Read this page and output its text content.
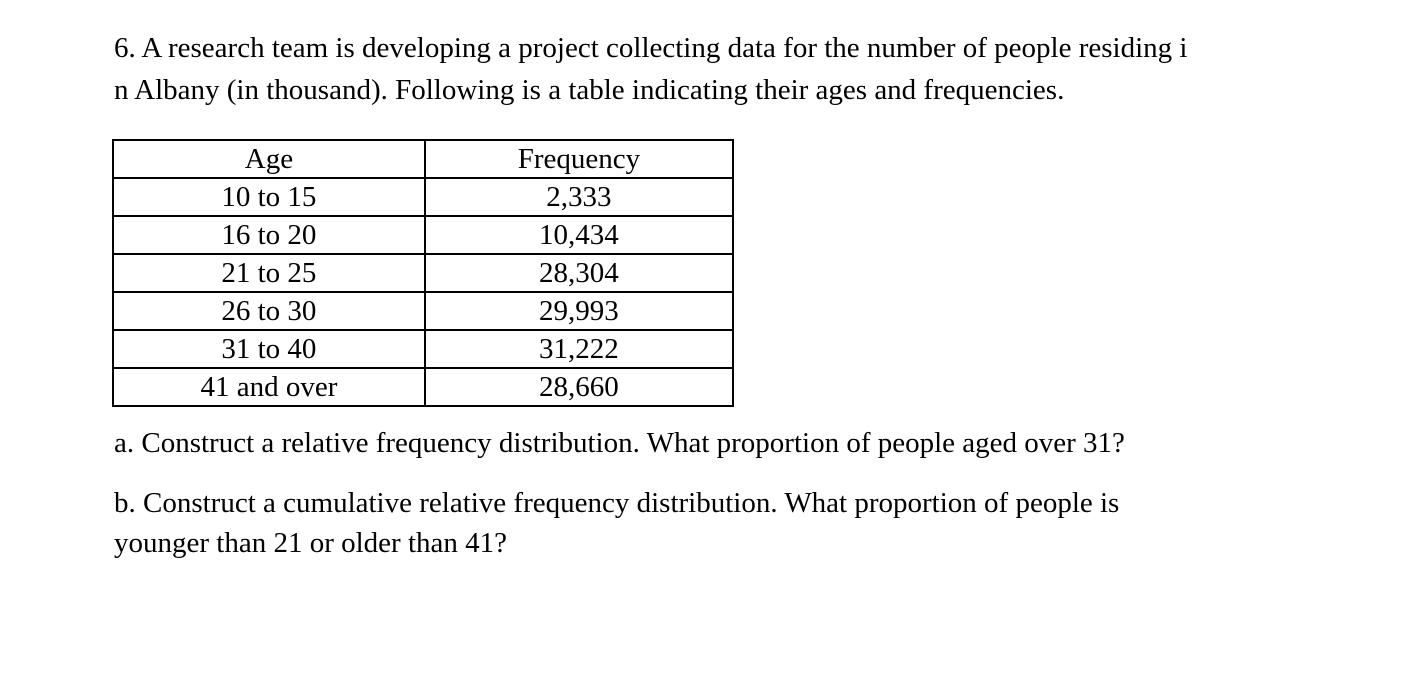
6. A research team is developing a project collecting data for the number of people residing i
n Albany (in thousand). Following is a table indicating their ages and frequencies.

Age	Frequency
10 to 15	2,333
16 to 20	10,434
21 to 25	28,304
26 to 30	29,993
31 to 40	31,222
41 and over	28,660

a. Construct a relative frequency distribution. What proportion of people aged over 31?

b. Construct a cumulative relative frequency distribution. What proportion of people is
younger than 21 or older than 41?
